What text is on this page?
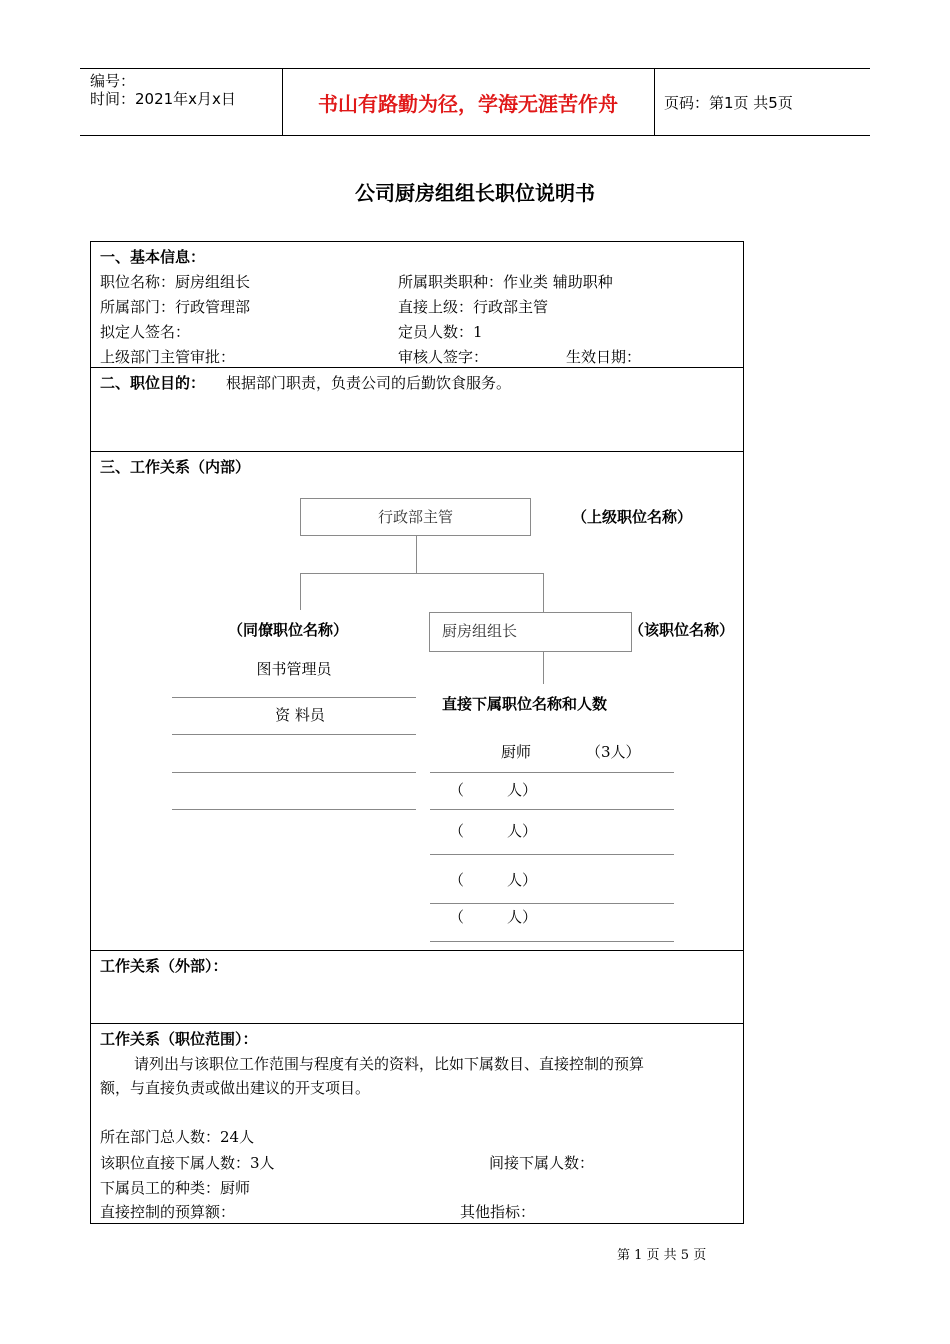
编号：
时间：2021年x月x日	书山有路勤为径，学海无涯苦作舟	页码：第1页 共5页
公司厨房组组长职位说明书
一、基本信息：
职位名称：厨房组组长	所属职类职种：作业类 辅助职种
所属部门：行政管理部	直接上级：行政部主管
拟定人签名：	定员人数：1
上级部门主管审批：	审核人签字：	生效日期：
二、职位目的： 根据部门职责，负责公司的后勤饮食服务。
三、工作关系（内部）
行政部主管	（上级职位名称）
厨房组组长	（该职位名称）
（同僚职位名称）
图书管理员
资 料员
直接下属职位名称和人数
厨师	（3人）
（	人）
（	人）
（	人）
（	人）
工作关系（外部）：
工作关系（职位范围）：
请列出与该职位工作范围与程度有关的资料，比如下属数目、直接控制的预算
额，与直接负责或做出建议的开支项目。
所在部门总人数：24人
该职位直接下属人数：3人	间接下属人数：
下属员工的种类：厨师
直接控制的预算额：	其他指标：
第 1 页 共 5 页
